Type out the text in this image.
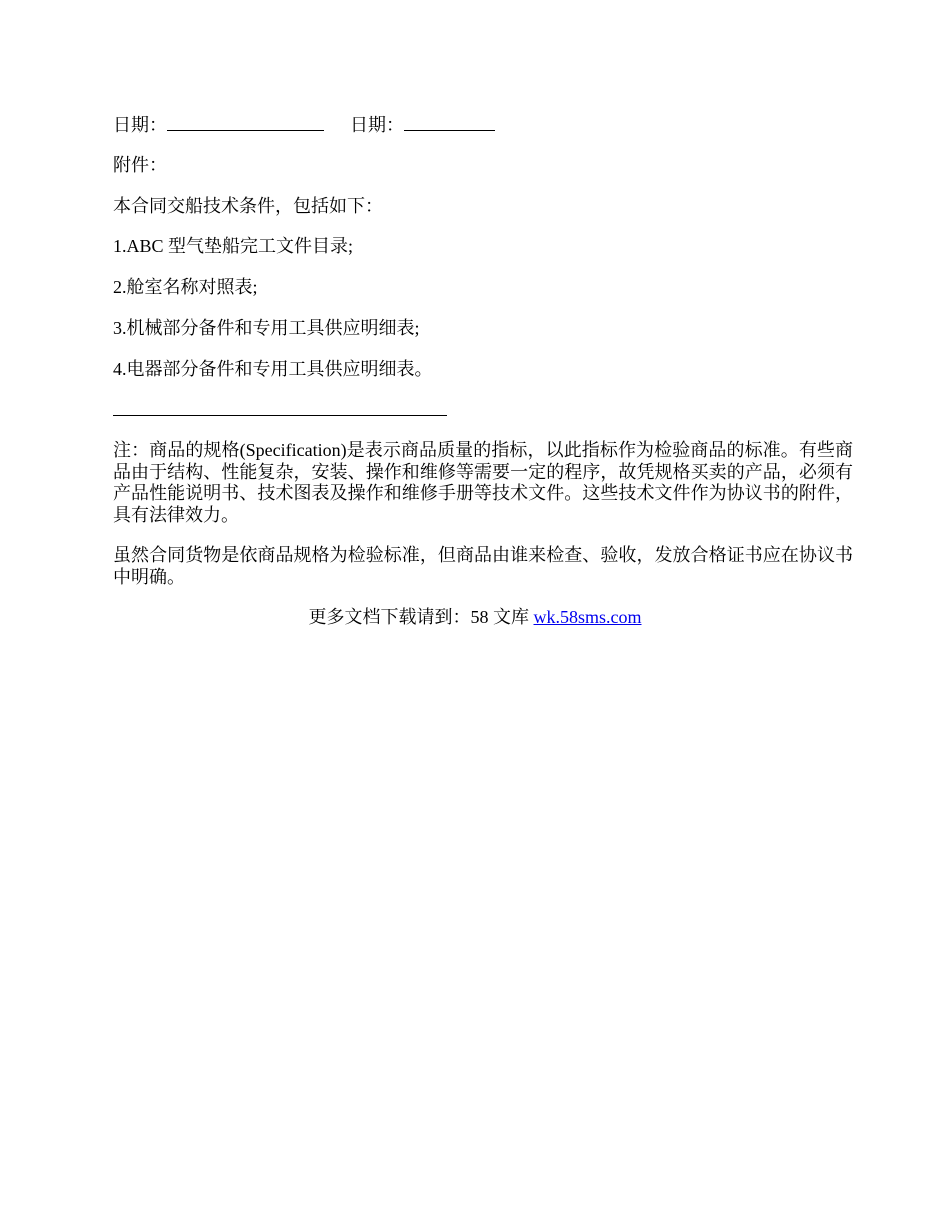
日期：	日期：
附件：
本合同交船技术条件，包括如下：
1.ABC 型气垫船完工文件目录;
2.舱室名称对照表;
3.机械部分备件和专用工具供应明细表;
4.电器部分备件和专用工具供应明细表。
注：商品的规格(Specification)是表示商品质量的指标，以此指标作为检验商品的标准。有些商品由于结构、性能复杂，安装、操作和维修等需要一定的程序，故凭规格买卖的产品，必须有产品性能说明书、技术图表及操作和维修手册等技术文件。这些技术文件作为协议书的附件，具有法律效力。
虽然合同货物是依商品规格为检验标准，但商品由谁来检查、验收，发放合格证书应在协议书中明确。
更多文档下载请到：58 文库 wk.58sms.com
